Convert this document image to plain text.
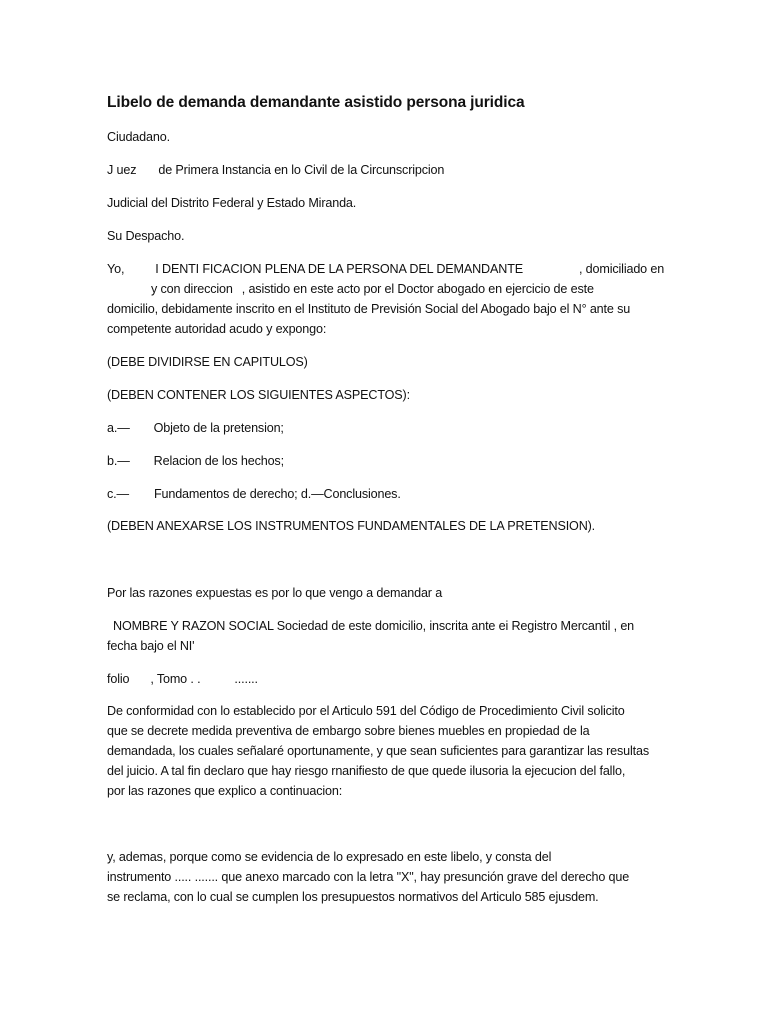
Libelo de demanda demandante asistido persona juridica
Ciudadano.
J uez de Primera Instancia en lo Civil de la Circunscripcion
Judicial del Distrito Federal y Estado Miranda.
Su Despacho.
Yo, I DENTI FICACION PLENA DE LA PERSONA DEL DEMANDANTE	, domiciliado en
y con direccion , asistido en este acto por el Doctor abogado en ejercicio de este
domicilio, debidamente inscrito en el Instituto de Previsión Social del Abogado bajo el N° ante su
competente autoridad acudo y expongo:
(DEBE DIVIDIRSE EN CAPITULOS)
(DEBEN CONTENER LOS SIGUIENTES ASPECTOS):
a.— Objeto de la pretension;
b.— Relacion de los hechos;
c.— Fundamentos de derecho; d.—Conclusiones.
(DEBEN ANEXARSE LOS INSTRUMENTOS FUNDAMENTALES DE LA PRETENSION).
Por las razones expuestas es por lo que vengo a demandar a
NOMBRE Y RAZON SOCIAL Sociedad de este domicilio, inscrita ante ei Registro Mercantil , en
fecha bajo el NI'
folio , Tomo . .	.......
De conformidad con lo establecido por el Articulo 591 del Código de Procedimiento Civil solicito
que se decrete medida preventiva de embargo sobre bienes muebles en propiedad de la
demandada, los cuales señalaré oportunamente, y que sean suficientes para garantizar las resultas
del juicio. A tal fin declaro que hay riesgo rnanifiesto de que quede ilusoria la ejecucion del fallo,
por las razones que explico a continuacion:
y, ademas, porque como se evidencia de lo expresado en este libelo, y consta del
instrumento ..... ....... que anexo marcado con la letra "X", hay presunción grave del derecho que
se reclama, con lo cual se cumplen los presupuestos normativos del Articulo 585 ejusdem.
